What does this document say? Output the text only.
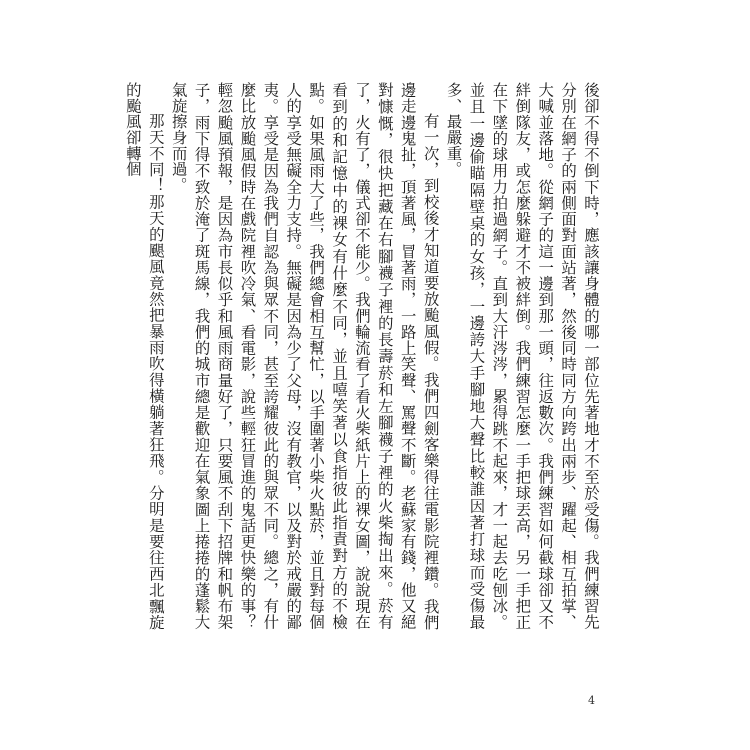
後卻不得不倒下時，應該讓身體的哪一部位先著地才不至於受傷。我們練習先分別在網子的兩側面對面站著，然後同時同方向跨出兩步、躍起、相互拍掌、大喊並落地。從網子的這一邊到那一頭，往返數次。我們練習如何截球卻又不絆倒隊友，或怎麼躲避才不被絆倒。我們練習怎麼一手把球丟高，另一手把正在下墜的球用力拍過網子。直到大汗涔涔，累得跳不起來，才一起去吃刨冰。並且一邊偷瞄隔壁桌的女孩，一邊誇大手腳地大聲比較誰因著打球而受傷最多、最嚴重。

有一次，到校後才知道要放颱風假。我們四劍客樂得往電影院裡鑽。我們邊走邊鬼扯，頂著風，冒著雨，一路上笑聲、罵聲不斷。老蘇家有錢，他又絕對慷慨，很快把藏在右腳襪子裡的長壽菸和左腳襪子裡的火柴掏出來。菸有了，火有了，儀式卻不能少。我們輪流看了看火柴紙片上的裸女圖，說說現在看到的和記憶中的裸女有什麼不同，並且嘻笑著以食指彼此指責對方的不檢點。如果風雨大了些，我們總會相互幫忙，以手圍著小柴火點菸，並且對每個人的享受無礙全力支持。無礙是因為少了父母，沒有教官，以及對於戒嚴的鄙夷。享受是因為我們自認為與眾不同，甚至誇耀彼此的與眾不同。總之，有什麼比放颱風假時在戲院裡吹冷氣、看電影，說些輕狂冒進的鬼話更快樂的事？輕忽颱風預報，是因為市長似乎和風雨商量好了，只要風不刮下招牌和帆布架子，雨下得不致於淹了斑馬線，我們的城市總是歡迎在氣象圖上捲捲的蓬鬆大氣旋擦身而過。

那天不同！那天的颶風竟然把暴雨吹得橫躺著狂飛。分明是要往西北飄旋的颱風卻轉個

4
